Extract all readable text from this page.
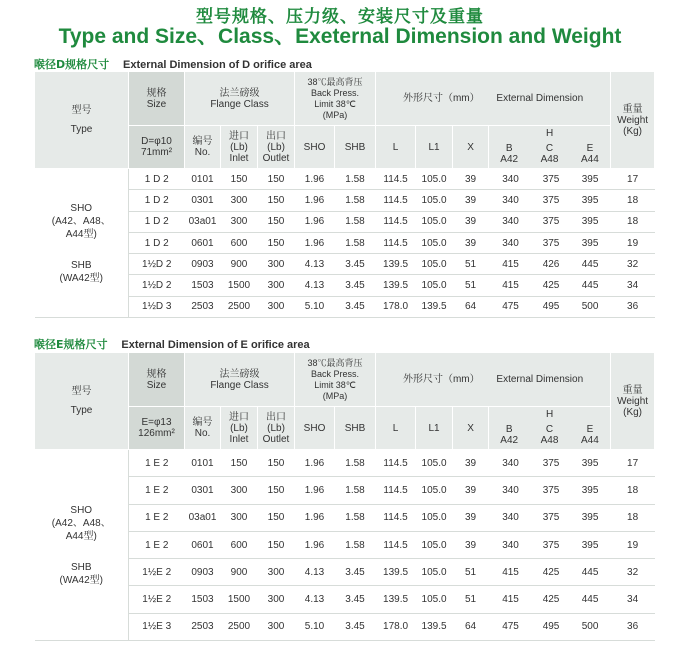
型号规格、压力级、安装尺寸及重量
Type and Size、Class、Exeternal Dimension and Weight
喉径D规格尺寸 External Dimension of D orifice area
型号
Type

规格
Size

法兰磅级
Flange Class

38℃最高背压
Back Press.
Limit 38℃
(MPa)
	外形尺寸（mm） External Dimension	
重量
Weight
(Kg)

D=φ10
71mm²

编号
No.

进口(Lb)
Inlet

出口(Lb)
Outlet
	SHO	SHB	L	L1	X	
H

B
A42

C
A48

E
A44

SHO
(A42、A48、
A44型)
SHB
(WA42型)
	1 D 2	0101	150	150	1.96	1.58	114.5	105.0	39	340	375	395	17
1 D 2	0301	300	150	1.96	1.58	114.5	105.0	39	340	375	395	18
1 D 2	03a01	300	150	1.96	1.58	114.5	105.0	39	340	375	395	18
1 D 2	0601	600	150	1.96	1.58	114.5	105.0	39	340	375	395	19
1½D 2	0903	900	300	4.13	3.45	139.5	105.0	51	415	426	445	32
1½D 2	1503	1500	300	4.13	3.45	139.5	105.0	51	415	425	445	34
1½D 3	2503	2500	300	5.10	3.45	178.0	139.5	64	475	495	500	36
喉径E规格尺寸 External Dimension of E orifice area
型号
Type

规格
Size

法兰磅级
Flange Class

38℃最高背压
Back Press.
Limit 38℃
(MPa)
	外形尺寸（mm） External Dimension	
重量
Weight
(Kg)

E=φ13
126mm²

编号
No.

进口(Lb)
Inlet

出口(Lb)
Outlet
	SHO	SHB	L	L1	X	
H

B
A42

C
A48

E
A44

SHO
(A42、A48、
A44型)
SHB
(WA42型)
	1 E 2	0101	150	150	1.96	1.58	114.5	105.0	39	340	375	395	17
1 E 2	0301	300	150	1.96	1.58	114.5	105.0	39	340	375	395	18
1 E 2	03a01	300	150	1.96	1.58	114.5	105.0	39	340	375	395	18
1 E 2	0601	600	150	1.96	1.58	114.5	105.0	39	340	375	395	19
1½E 2	0903	900	300	4.13	3.45	139.5	105.0	51	415	425	445	32
1½E 2	1503	1500	300	4.13	3.45	139.5	105.0	51	415	425	445	34
1½E 3	2503	2500	300	5.10	3.45	178.0	139.5	64	475	495	500	36
